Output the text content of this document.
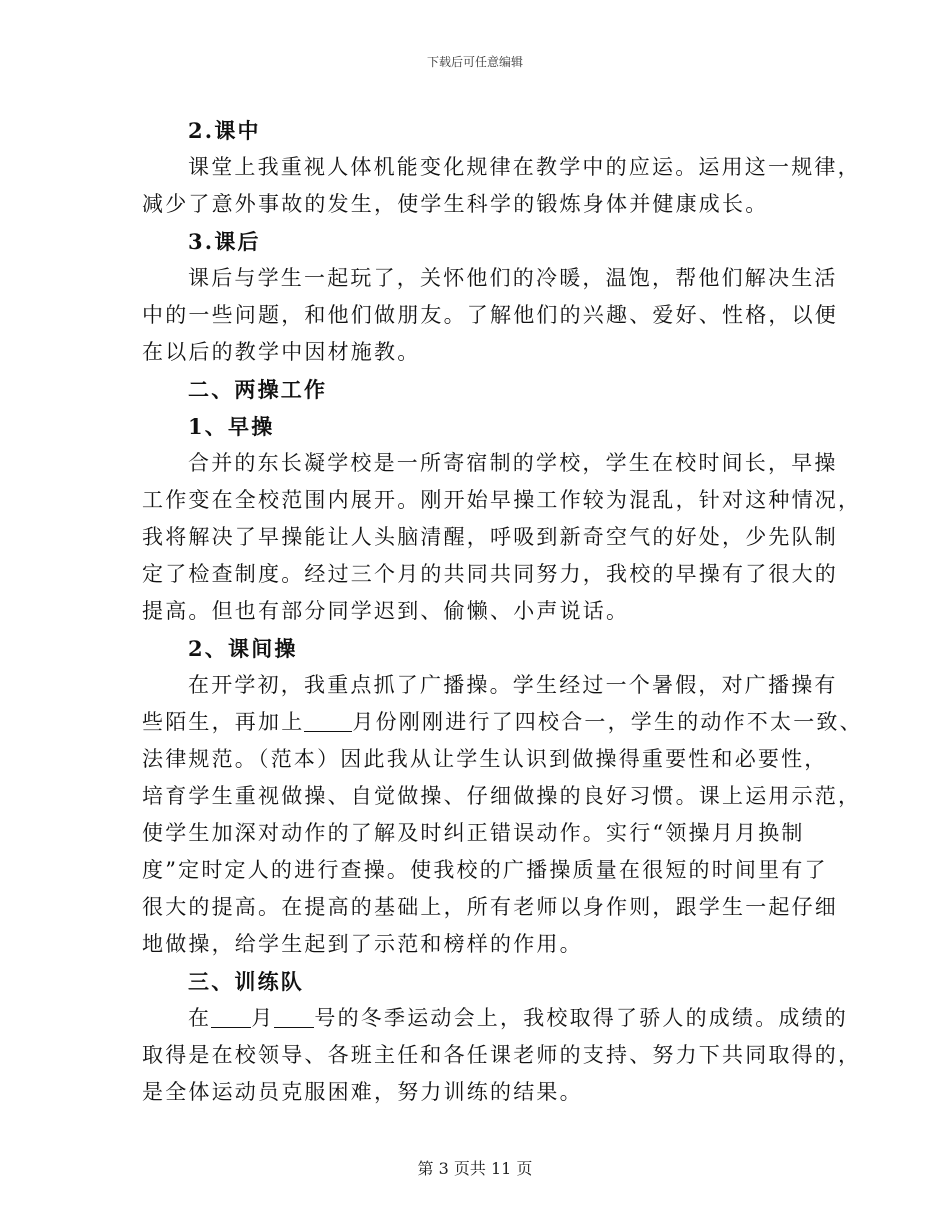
下载后可任意编辑
2.课中
课堂上我重视人体机能变化规律在教学中的应运。运用这一规律，
减少了意外事故的发生，使学生科学的锻炼身体并健康成长。
3.课后
课后与学生一起玩了，关怀他们的冷暖，温饱，帮他们解决生活
中的一些问题，和他们做朋友。了解他们的兴趣、爱好、性格，以便
在以后的教学中因材施教。
二、两操工作
1、早操
合并的东长凝学校是一所寄宿制的学校，学生在校时间长，早操
工作变在全校范围内展开。刚开始早操工作较为混乱，针对这种情况，
我将解决了早操能让人头脑清醒，呼吸到新奇空气的好处，少先队制
定了检查制度。经过三个月的共同共同努力，我校的早操有了很大的
提高。但也有部分同学迟到、偷懒、小声说话。
2、课间操
在开学初，我重点抓了广播操。学生经过一个暑假，对广播操有
些陌生，再加上 月份刚刚进行了四校合一，学生的动作不太一致、
法律规范。（范本）因此我从让学生认识到做操得重要性和必要性，
培育学生重视做操、自觉做操、仔细做操的良好习惯。课上运用示范，
使学生加深对动作的了解及时纠正错误动作。实行“领操月月换制
度”定时定人的进行查操。使我校的广播操质量在很短的时间里有了
很大的提高。在提高的基础上，所有老师以身作则，跟学生一起仔细
地做操，给学生起到了示范和榜样的作用。
三、训练队
在 月 号的冬季运动会上，我校取得了骄人的成绩。成绩的
取得是在校领导、各班主任和各任课老师的支持、努力下共同取得的，
是全体运动员克服困难，努力训练的结果。
第 3 页共 11 页
